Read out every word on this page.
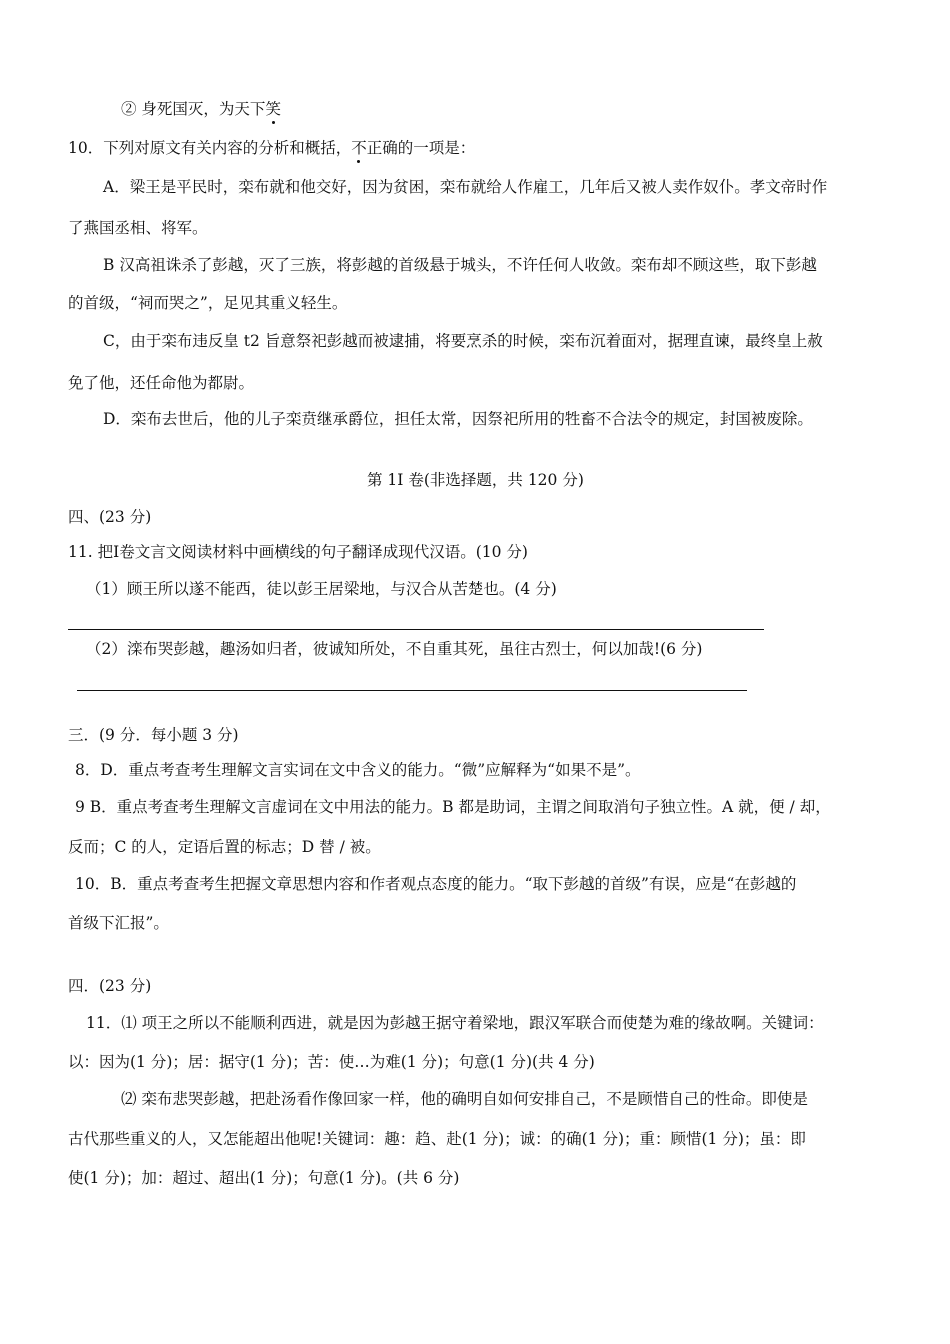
② 身死国灭，为天下笑
10．下列对原文有关内容的分析和概括，不正确的一项是：
A．梁王是平民时，栾布就和他交好，因为贫困，栾布就给人作雇工，几年后又被人卖作奴仆。孝文帝时作
了燕国丞相、将军。
B 汉高祖诛杀了彭越，灭了三族，将彭越的首级悬于城头，不许任何人收敛。栾布却不顾这些，取下彭越
的首级，“祠而哭之”，足见其重义轻生。
C，由于栾布违反皇 t2 旨意祭祀彭越而被逮捕，将要烹杀的时候，栾布沉着面对，据理直谏，最终皇上赦
免了他，还任命他为都尉。
D．栾布去世后，他的儿子栾贲继承爵位，担任太常，因祭祀所用的牲畜不合法令的规定，封国被废除。
第 1I 卷(非选择题，共 120 分)
四、(23 分)
11. 把Ⅰ卷文言文阅读材料中画横线的句子翻译成现代汉语。(10 分)
（1）顾王所以遂不能西，徒以彭王居梁地，与汉合从苦楚也。(4 分)
（2）滦布哭彭越，趣汤如归者，彼诚知所处，不自重其死，虽往古烈士，何以加哉!(6 分)
三．(9 分．每小题 3 分)
8．D．重点考查考生理解文言实词在文中含义的能力。“微”应解释为“如果不是”。
9 B．重点考查考生理解文言虚词在文中用法的能力。B 都是助词，主谓之间取消句子独立性。A 就，便 / 却，
反而；C 的人，定语后置的标志；D 替 / 被。
10．B．重点考查考生把握文章思想内容和作者观点态度的能力。“取下彭越的首级”有误，应是“在彭越的
首级下汇报”。
四．(23 分)
11．⑴ 项王之所以不能顺利西进，就是因为彭越王据守着梁地，跟汉军联合而使楚为难的缘故啊。关键词：
以：因为(1 分)；居：据守(1 分)；苦：使…为难(1 分)；句意(1 分)(共 4 分)
⑵ 栾布悲哭彭越，把赴汤看作像回家一样，他的确明自如何安排自己，不是顾惜自己的性命。即使是
古代那些重义的人，又怎能超出他呢!关键词：趣：趋、赴(1 分)；诚：的确(1 分)；重：顾惜(1 分)；虽：即
使(1 分)；加：超过、超出(1 分)；句意(1 分)。(共 6 分)
